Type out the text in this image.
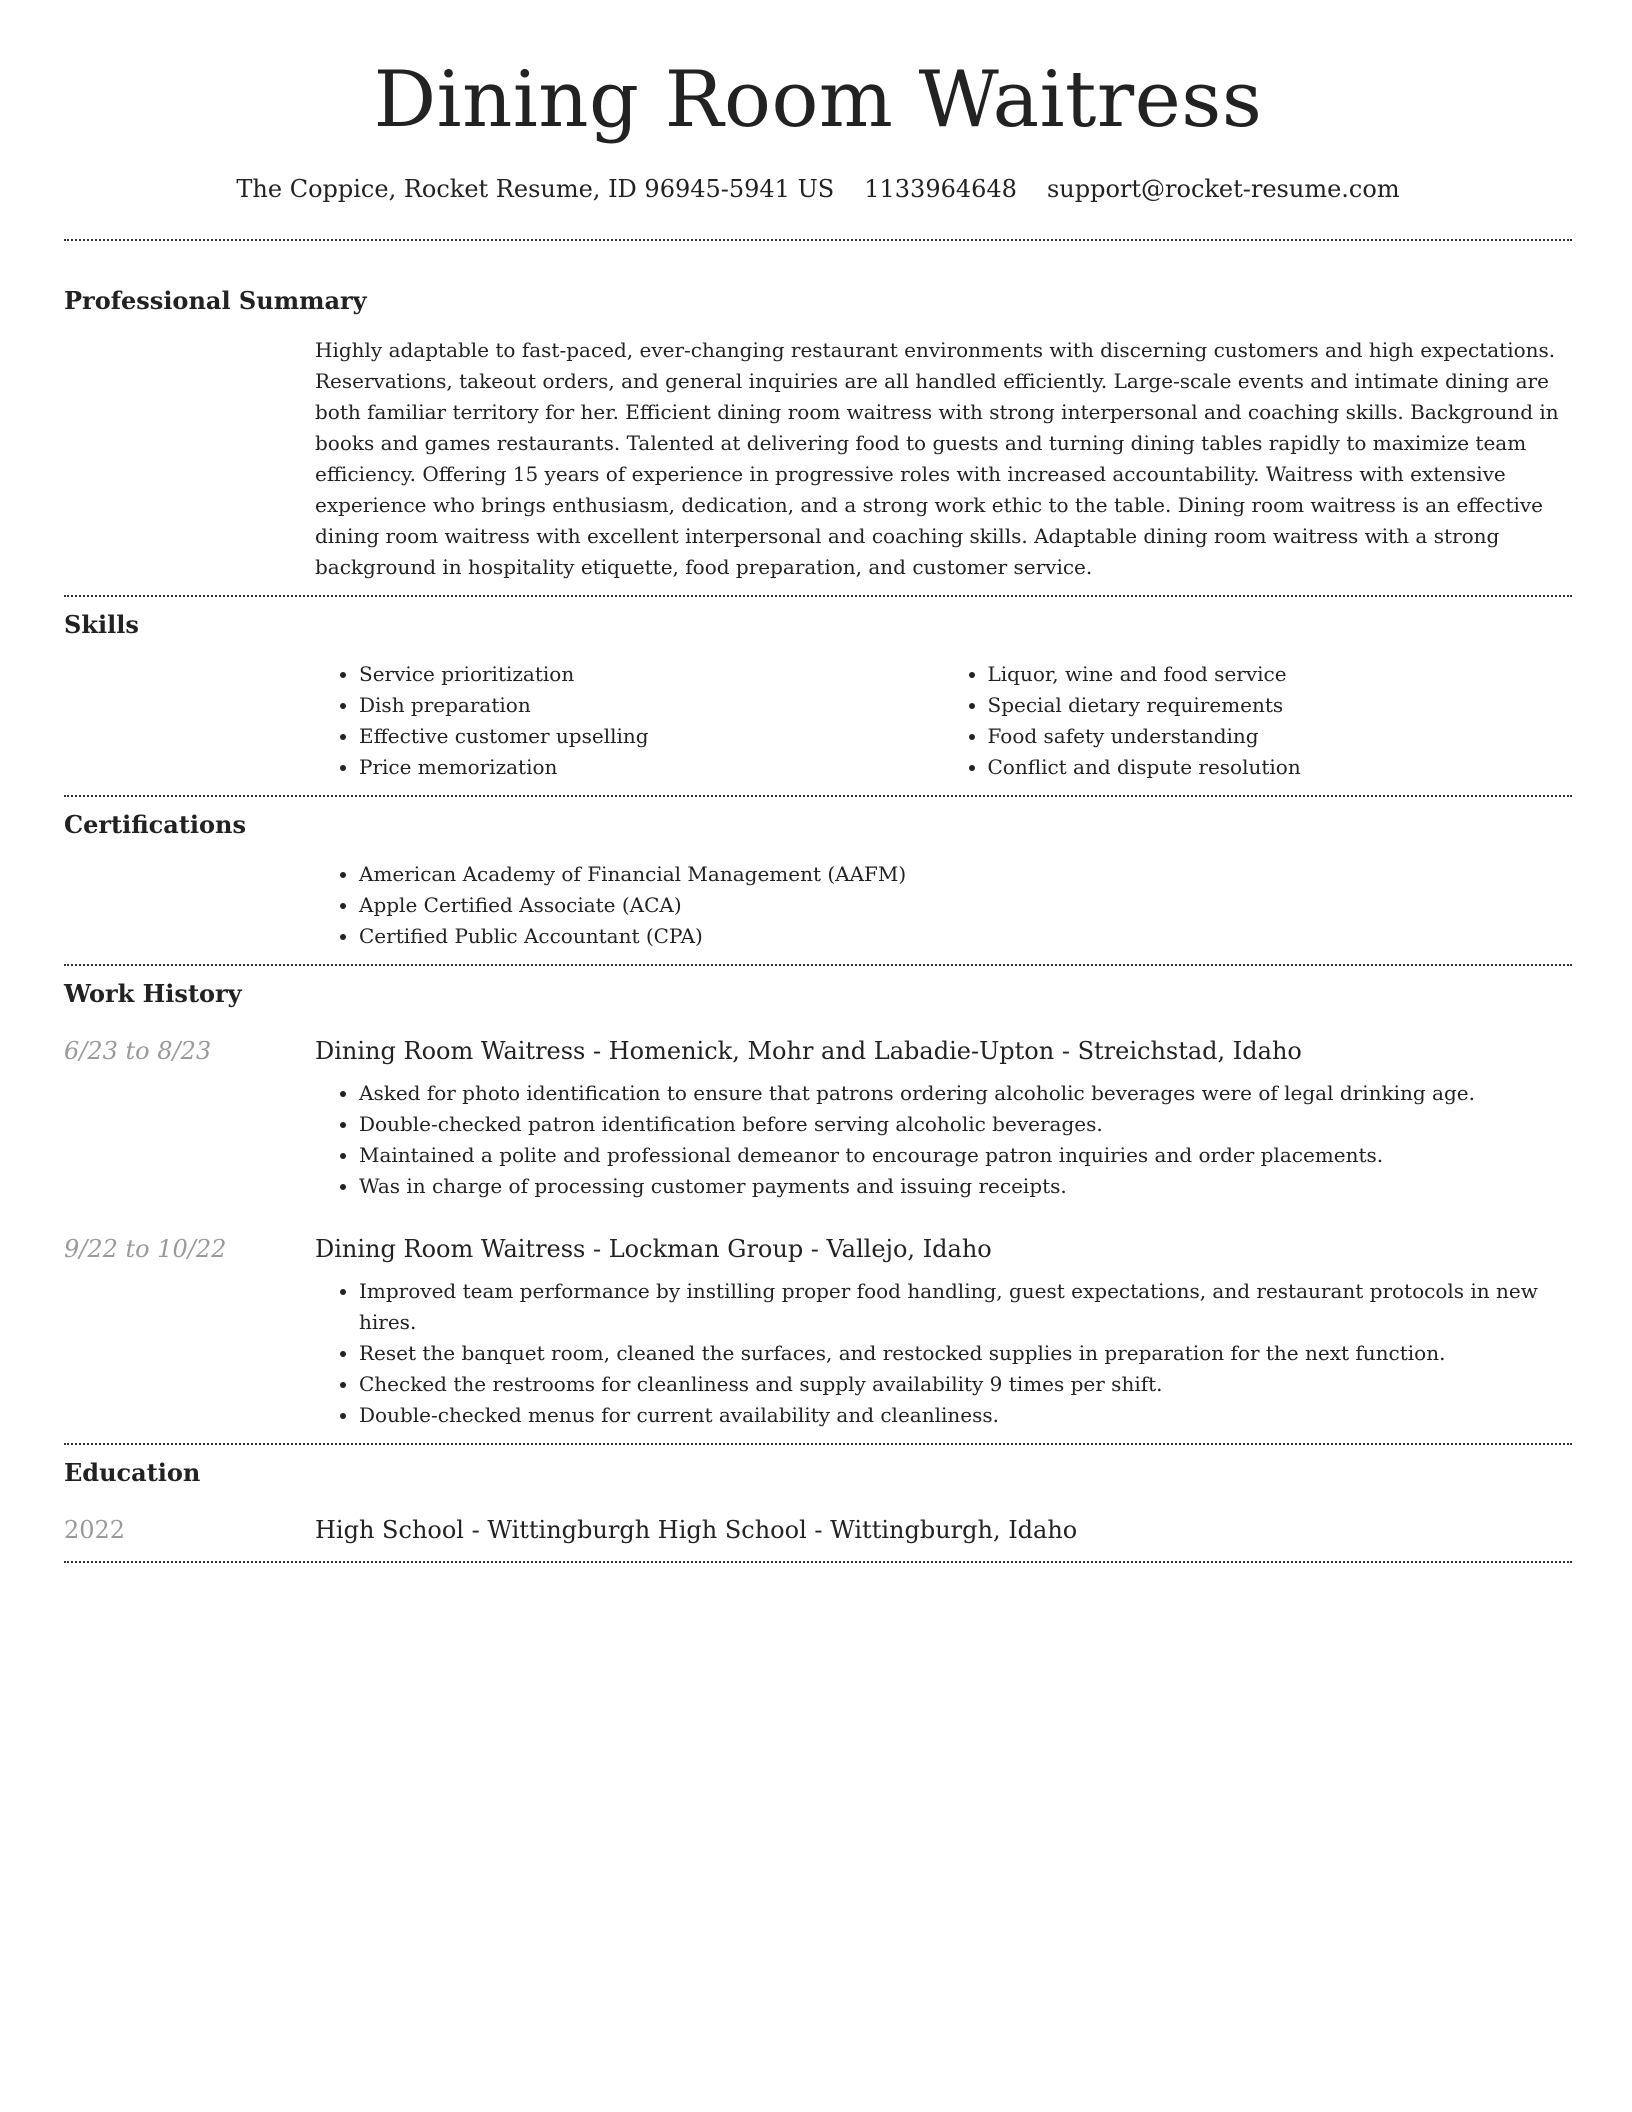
Dining Room Waitress
The Coppice, Rocket Resume, ID 96945-5941 US 1133964648 support@rocket-resume.com
Professional Summary

Highly adaptable to fast-paced, ever-changing restaurant environments with discerning customers and high expectations. Reservations, takeout orders, and general inquiries are all handled efficiently. Large-scale events and intimate dining are both familiar territory for her. Efficient dining room waitress with strong interpersonal and coaching skills. Background in books and games restaurants. Talented at delivering food to guests and turning dining tables rapidly to maximize team efficiency. Offering 15 years of experience in progressive roles with increased accountability. Waitress with extensive experience who brings enthusiasm, dedication, and a strong work ethic to the table. Dining room waitress is an effective dining room waitress with excellent interpersonal and coaching skills. Adaptable dining room waitress with a strong background in hospitality etiquette, food preparation, and customer service.

Skills
• Service prioritization
• Dish preparation
• Effective customer upselling
• Price memorization
• Liquor, wine and food service
• Special dietary requirements
• Food safety understanding
• Conflict and dispute resolution
Certifications
• American Academy of Financial Management (AAFM)
• Apple Certified Associate (ACA)
• Certified Public Accountant (CPA)
Work History
6/23 to 8/23	Dining Room Waitress - Homenick, Mohr and Labadie-Upton - Streichstad, Idaho
• Asked for photo identification to ensure that patrons ordering alcoholic beverages were of legal drinking age.
• Double-checked patron identification before serving alcoholic beverages.
• Maintained a polite and professional demeanor to encourage patron inquiries and order placements.
• Was in charge of processing customer payments and issuing receipts.
9/22 to 10/22	Dining Room Waitress - Lockman Group - Vallejo, Idaho
• Improved team performance by instilling proper food handling, guest expectations, and restaurant protocols in new hires.
• Reset the banquet room, cleaned the surfaces, and restocked supplies in preparation for the next function.
• Checked the restrooms for cleanliness and supply availability 9 times per shift.
• Double-checked menus for current availability and cleanliness.
Education
2022	High School - Wittingburgh High School - Wittingburgh, Idaho
